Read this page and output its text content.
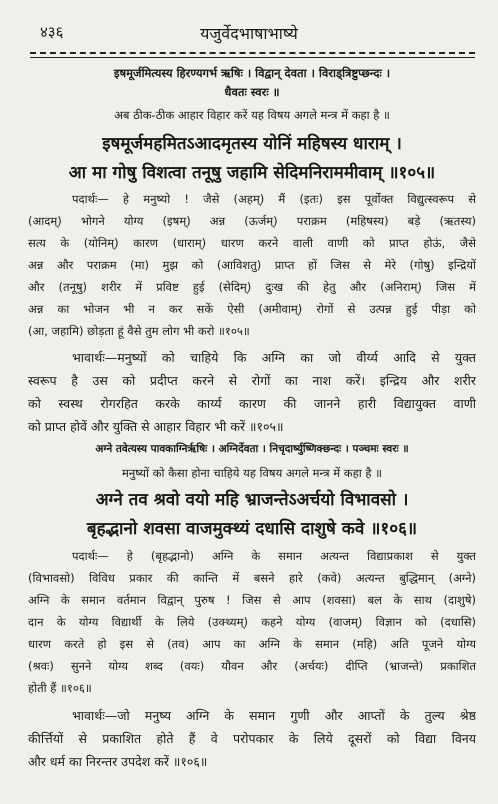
४३६	यजुर्वेदभाषाभाष्ये
इषमूर्जमित्यस्य हिरण्यगर्भ ऋषिः । विद्वान् देवता । विराड्‌त्रिष्टुप्छन्दः ।
धैवतः स्वरः ॥
अब ठीक-ठीक आहार विहार करें यह विषय अगले मन्त्र में कहा है ॥
इषमूर्जमहमितऽआदमृतस्य योनिं महिषस्य धाराम् ।
आ मा गोषु विशत्वा तनूषु जहामि सेदिमनिराममीवाम् ॥१०५॥
पदार्थः— हे मनुष्यो ! जैसे (अहम्) मैं (इतः) इस पूर्वोक्त विद्युत्स्वरूप से
(आदम्) भोगने योग्य (इषम्) अन्न (ऊर्जम्) पराक्रम (महिषस्य) बड़े (ऋतस्य)
सत्य के (योनिम्) कारण (धाराम्) धारण करने वाली वाणी को प्राप्त होऊं, जैसे
अन्न और पराक्रम (मा) मुझ को (आविशतु) प्राप्त हों जिस से मेरे (गोषु) इन्द्रियों
और (तनूषु) शरीर में प्रविष्ट हुई (सेदिम्) दुःख की हेतु और (अनिराम्) जिस में
अन्न का भोजन भी न कर सकें ऐसी (अमीवाम्) रोगों से उत्पन्न हुई पीड़ा को
(आ, जहामि) छोड़ता हूं वैसे तुम लोग भी करो ॥१०५॥
भावार्थः—मनुष्यों को चाहिये कि अग्नि का जो वीर्य्य आदि से युक्त
स्वरूप है उस को प्रदीप्त करने से रोगों का नाश करें। इन्द्रिय और शरीर
को स्वस्थ रोगरहित करके कार्य्य कारण की जानने हारी विद्यायुक्त वाणी
को प्राप्त होवें और युक्ति से आहार विहार भी करें ॥१०५॥
अग्ने तवेत्यस्य पावकाग्निर्ऋषिः । अग्निर्देवता । निचृदार्ष्युष्णिक्छन्दः । पञ्चमः स्वरः ॥
मनुष्यों को कैसा होना चाहिये यह विषय अगले मन्त्र में कहा है ॥
अग्ने तव श्रवो वयो महि भ्राजन्तेऽअर्चयो विभावसो ।
बृहद्भानो शवसा वाजमुक्थ्यं दधासि दाशुषे कवे ॥१०६॥
पदार्थः— हे (बृहद्भानो) अग्नि के समान अत्यन्त विद्याप्रकाश से युक्त
(विभावसो) विविध प्रकार की कान्ति में बसने हारे (कवे) अत्यन्त बुद्धिमान् (अग्ने)
अग्नि के समान वर्तमान विद्वान् पुरुष ! जिस से आप (शवसा) बल के साथ (दाशुषे)
दान के योग्य विद्यार्थी के लिये (उक्थ्यम्) कहने योग्य (वाजम्) विज्ञान को (दधासि)
धारण करते हो इस से (तव) आप का अग्नि के समान (महि) अति पूजने योग्य
(श्रवः) सुनने योग्य शब्द (वयः) यौवन और (अर्चयः) दीप्ति (भ्राजन्ते) प्रकाशित
होती हैं ॥१०६॥
भावार्थः—जो मनुष्य अग्नि के समान गुणी और आप्तों के तुल्य श्रेष्ठ
कीर्त्तियों से प्रकाशित होते हैं वे परोपकार के लिये दूसरों को विद्या विनय
और धर्म का निरन्तर उपदेश करें ॥१०६॥
